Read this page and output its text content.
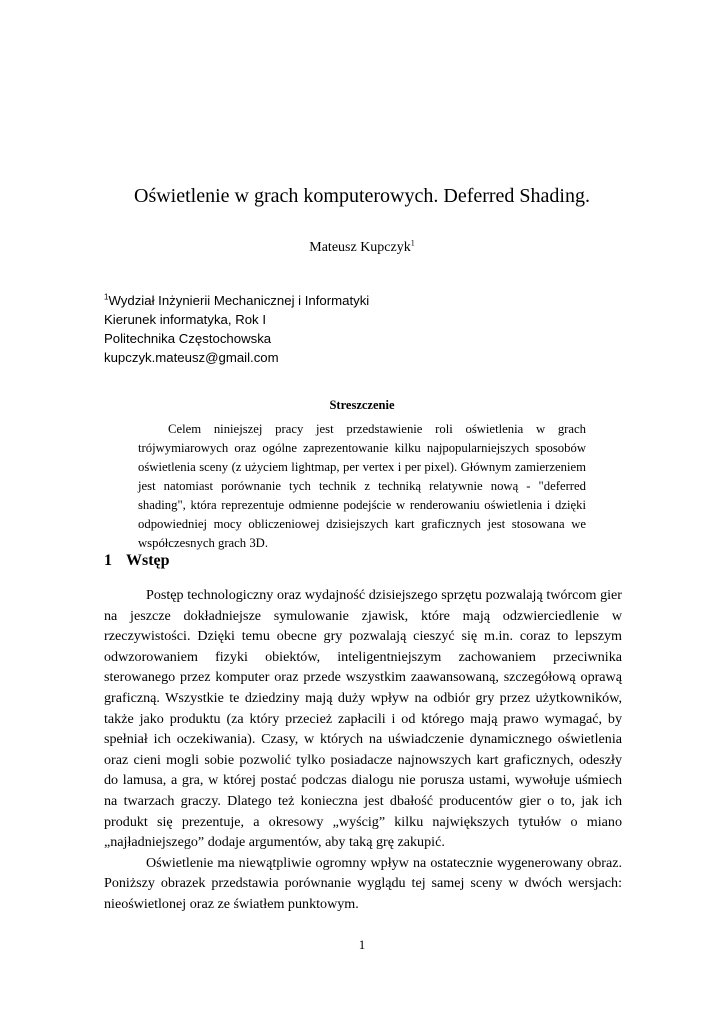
Oświetlenie w grach komputerowych. Deferred Shading.
Mateusz Kupczyk$^1$
$^1$Wydział Inżynierii Mechanicznej i Informatyki
Kierunek informatyka, Rok I
Politechnika Częstochowska
kupczyk.mateusz@gmail.com
Streszczenie

Celem niniejszej pracy jest przedstawienie roli oświetlenia w grach trójwymiarowych oraz ogólne zaprezentowanie kilku najpopularniejszych sposobów oświetlenia sceny (z użyciem lightmap, per vertex i per pixel). Głównym zamierzeniem jest natomiast porównanie tych technik z techniką relatywnie nową - "deferred shading", która reprezentuje odmienne podejście w renderowaniu oświetlenia i dzięki odpowiedniej mocy obliczeniowej dzisiejszych kart graficznych jest stosowana we współczesnych grach 3D.

1 Wstęp

Postęp technologiczny oraz wydajność dzisiejszego sprzętu pozwalają twórcom gier na jeszcze dokładniejsze symulowanie zjawisk, które mają odzwierciedlenie w rzeczywistości. Dzięki temu obecne gry pozwalają cieszyć się m.in. coraz to lepszym odwzorowaniem fizyki obiektów, inteligentniejszym zachowaniem przeciwnika sterowanego przez komputer oraz przede wszystkim zaawansowaną, szczegółową oprawą graficzną. Wszystkie te dziedziny mają duży wpływ na odbiór gry przez użytkowników, także jako produktu (za który przecież zapłacili i od którego mają prawo wymagać, by spełniał ich oczekiwania). Czasy, w których na uświadczenie dynamicznego oświetlenia oraz cieni mogli sobie pozwolić tylko posiadacze najnowszych kart graficznych, odeszły do lamusa, a gra, w której postać podczas dialogu nie porusza ustami, wywołuje uśmiech na twarzach graczy. Dlatego też konieczna jest dbałość producentów gier o to, jak ich produkt się prezentuje, a okresowy „wyścig” kilku największych tytułów o miano „najładniejszego” dodaje argumentów, aby taką grę zakupić.

Oświetlenie ma niewątpliwie ogromny wpływ na ostatecznie wygenerowany obraz. Poniższy obrazek przedstawia porównanie wyglądu tej samej sceny w dwóch wersjach: nieoświetlonej oraz ze światłem punktowym.

1
